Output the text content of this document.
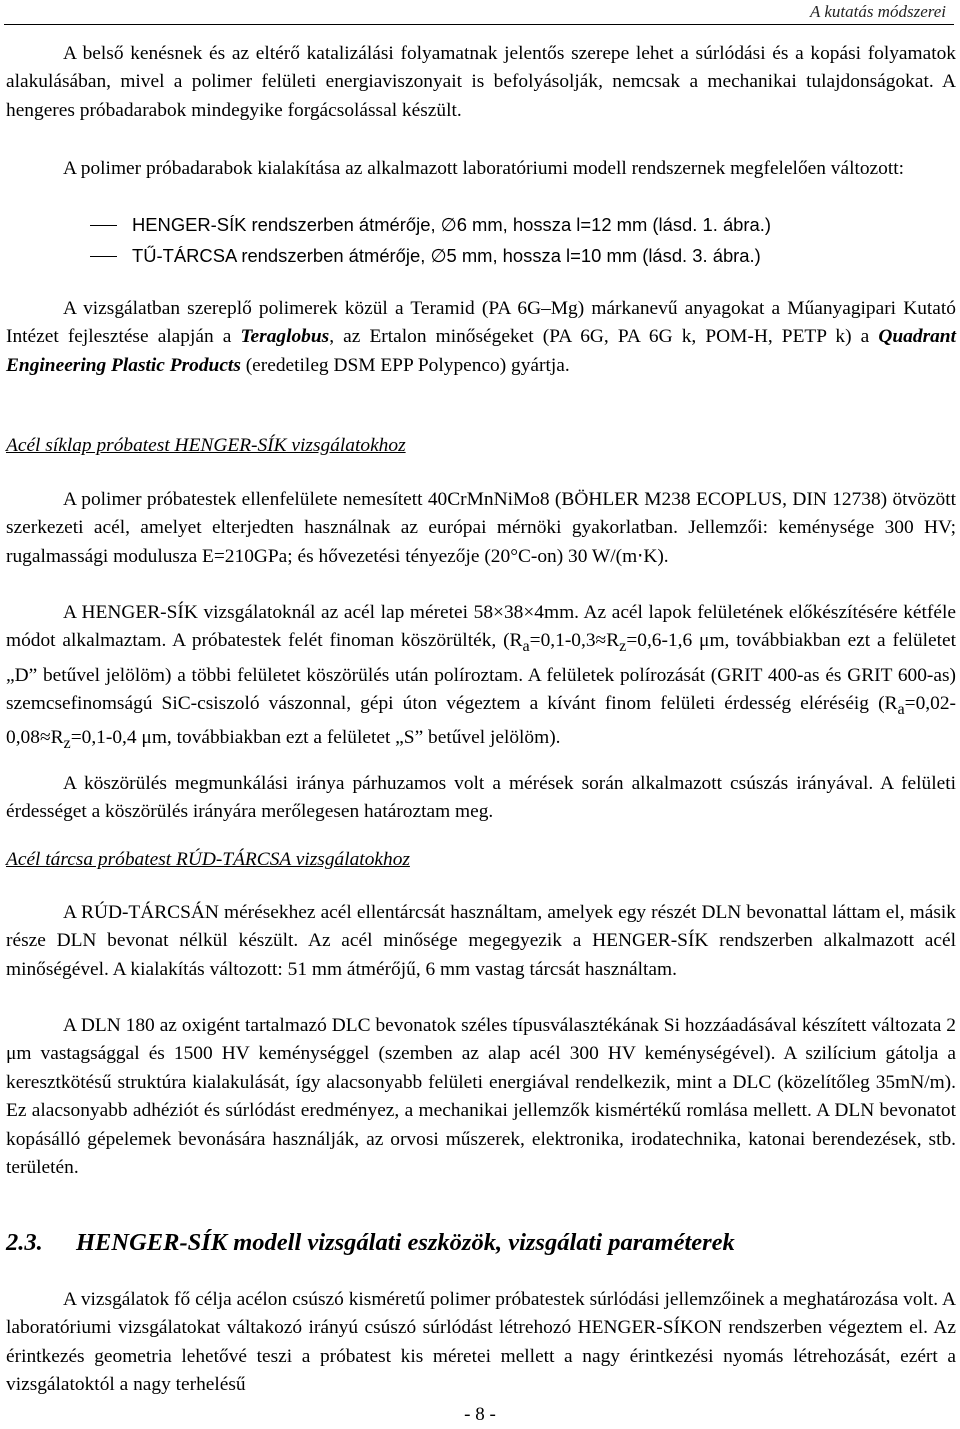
A kutatás módszerei

A belső kenésnek és az eltérő katalizálási folyamatnak jelentős szerepe lehet a súrlódási és a kopási folyamatok alakulásában, mivel a polimer felületi energiaviszonyait is befolyásolják, nemcsak a mechanikai tulajdonságokat. A hengeres próbadarabok mindegyike forgácsolással készült.

A polimer próbadarabok kialakítása az alkalmazott laboratóriumi modell rendszernek megfelelően változott:

HENGER-SÍK rendszerben átmérője, ∅6 mm, hossza l=12 mm (lásd. 1. ábra.)
TŰ-TÁRCSA rendszerben átmérője, ∅5 mm, hossza l=10 mm (lásd. 3. ábra.)

A vizsgálatban szereplő polimerek közül a Teramid (PA 6G–Mg) márkanevű anyagokat a Műanyagipari Kutató Intézet fejlesztése alapján a Teraglobus, az Ertalon minőségeket (PA 6G, PA 6G k, POM-H, PETP k) a Quadrant Engineering Plastic Products (eredetileg DSM EPP Polypenco) gyártja.

Acél síklap próbatest HENGER-SÍK vizsgálatokhoz

A polimer próbatestek ellenfelülete nemesített 40CrMnNiMo8 (BÖHLER M238 ECOPLUS, DIN 12738) ötvözött szerkezeti acél, amelyet elterjedten használnak az európai mérnöki gyakorlatban. Jellemzői: keménysége 300 HV; rugalmassági modulusza E=210GPa; és hővezetési tényezője (20°C-on) 30 W/(m⋅K).

A HENGER-SÍK vizsgálatoknál az acél lap méretei 58×38×4mm. Az acél lapok felületének előkészítésére kétféle módot alkalmaztam. A próbatestek felét finoman köszörülték, ($R_a=0,1-0,3\approx R_z=0,6-1,6$ μm, továbbiakban ezt a felületet „D” betűvel jelölöm) a többi felületet köszörülés után políroztam. A felületek polírozását (GRIT 400-as és GRIT 600-as) szemcsefinomságú SiC-csiszoló vászonnal, gépi úton végeztem a kívánt finom felületi érdesség eléréséig ($R_a=0,02-0,08\approx R_z=0,1-0,4$ μm, továbbiakban ezt a felületet „S” betűvel jelölöm).

A köszörülés megmunkálási iránya párhuzamos volt a mérések során alkalmazott csúszás irányával. A felületi érdességet a köszörülés irányára merőlegesen határoztam meg.

Acél tárcsa próbatest RÚD-TÁRCSA vizsgálatokhoz

A RÚD-TÁRCSÁN mérésekhez acél ellentárcsát használtam, amelyek egy részét DLN bevonattal láttam el, másik része DLN bevonat nélkül készült. Az acél minősége megegyezik a HENGER-SÍK rendszerben alkalmazott acél minőségével. A kialakítás változott: 51 mm átmérőjű, 6 mm vastag tárcsát használtam.

A DLN 180 az oxigént tartalmazó DLC bevonatok széles típusválasztékának Si hozzáadásával készített változata 2 μm vastagsággal és 1500 HV keménységgel (szemben az alap acél 300 HV keménységével). A szilícium gátolja a keresztkötésű struktúra kialakulását, így alacsonyabb felületi energiával rendelkezik, mint a DLC (közelítőleg 35mN/m). Ez alacsonyabb adhéziót és súrlódást eredményez, a mechanikai jellemzők kismértékű romlása mellett. A DLN bevonatot kopásálló gépelemek bevonására használják, az orvosi műszerek, elektronika, irodatechnika, katonai berendezések, stb. területén.

2.3. HENGER-SÍK modell vizsgálati eszközök, vizsgálati paraméterek

A vizsgálatok fő célja acélon csúszó kisméretű polimer próbatestek súrlódási jellemzőinek a meghatározása volt. A laboratóriumi vizsgálatokat váltakozó irányú csúszó súrlódást létrehozó HENGER-SÍKON rendszerben végeztem el. Az érintkezés geometria lehetővé teszi a próbatest kis méretei mellett a nagy érintkezési nyomás létrehozását, ezért a vizsgálatoktól a nagy terhelésű

- 8 -
